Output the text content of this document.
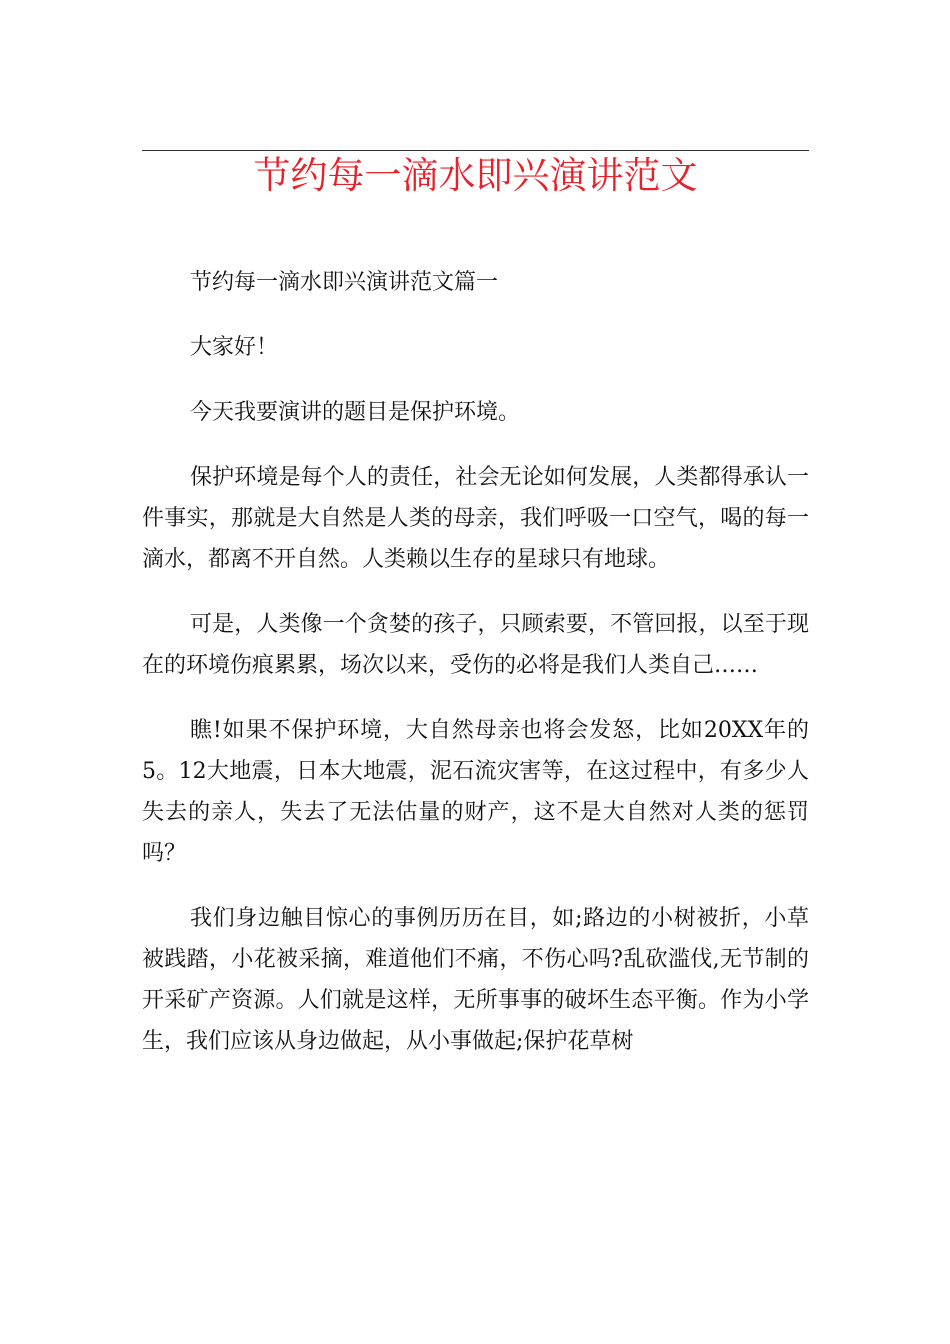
节约每一滴水即兴演讲范文

节约每一滴水即兴演讲范文篇一

大家好！

今天我要演讲的题目是保护环境。

保护环境是每个人的责任，社会无论如何发展，人类都得承认一件事实，那就是大自然是人类的母亲，我们呼吸一口空气，喝的每一滴水，都离不开自然。人类赖以生存的星球只有地球。

可是，人类像一个贪婪的孩子，只顾索要，不管回报，以至于现在的环境伤痕累累，场次以来，受伤的必将是我们人类自己……

瞧!如果不保护环境，大自然母亲也将会发怒，比如20XX年的5。12大地震，日本大地震，泥石流灾害等，在这过程中，有多少人失去的亲人，失去了无法估量的财产，这不是大自然对人类的惩罚吗？

我们身边触目惊心的事例历历在目，如;路边的小树被折，小草被践踏，小花被采摘，难道他们不痛，不伤心吗?乱砍滥伐,无节制的开采矿产资源。人们就是这样，无所事事的破坏生态平衡。作为小学生，我们应该从身边做起，从小事做起;保护花草树
